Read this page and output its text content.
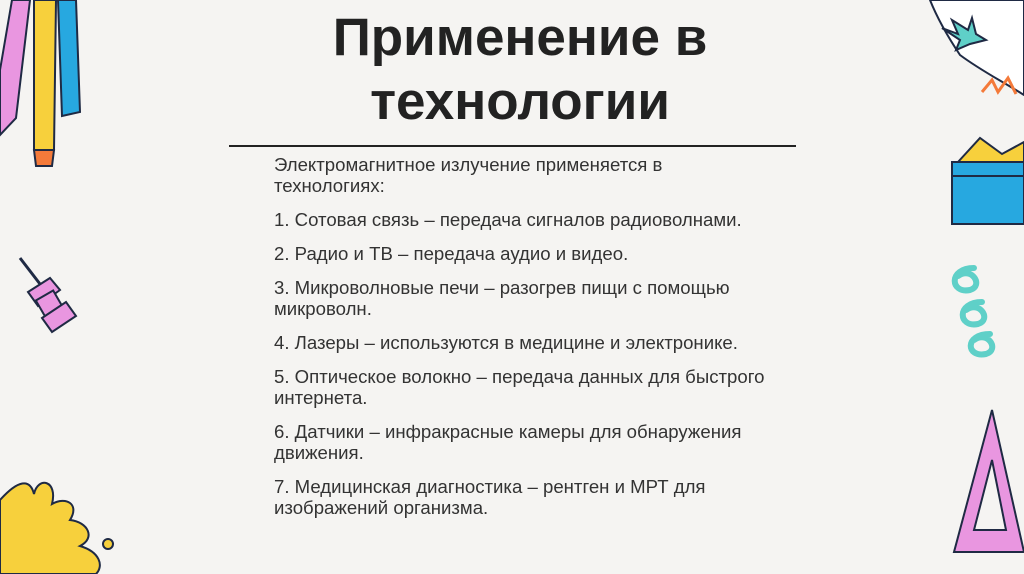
Применение в
технологии

Электромагнитное излучение применяется в технологиях:

1. Сотовая связь – передача сигналов радиоволнами.

2. Радио и ТВ – передача аудио и видео.

3. Микроволновые печи – разогрев пищи с помощью микроволн.

4. Лазеры – используются в медицине и электронике.

5. Оптическое волокно – передача данных для быстрого интернета.

6. Датчики – инфракрасные камеры для обнаружения движения.

7. Медицинская диагностика – рентген и МРТ для изображений организма.
